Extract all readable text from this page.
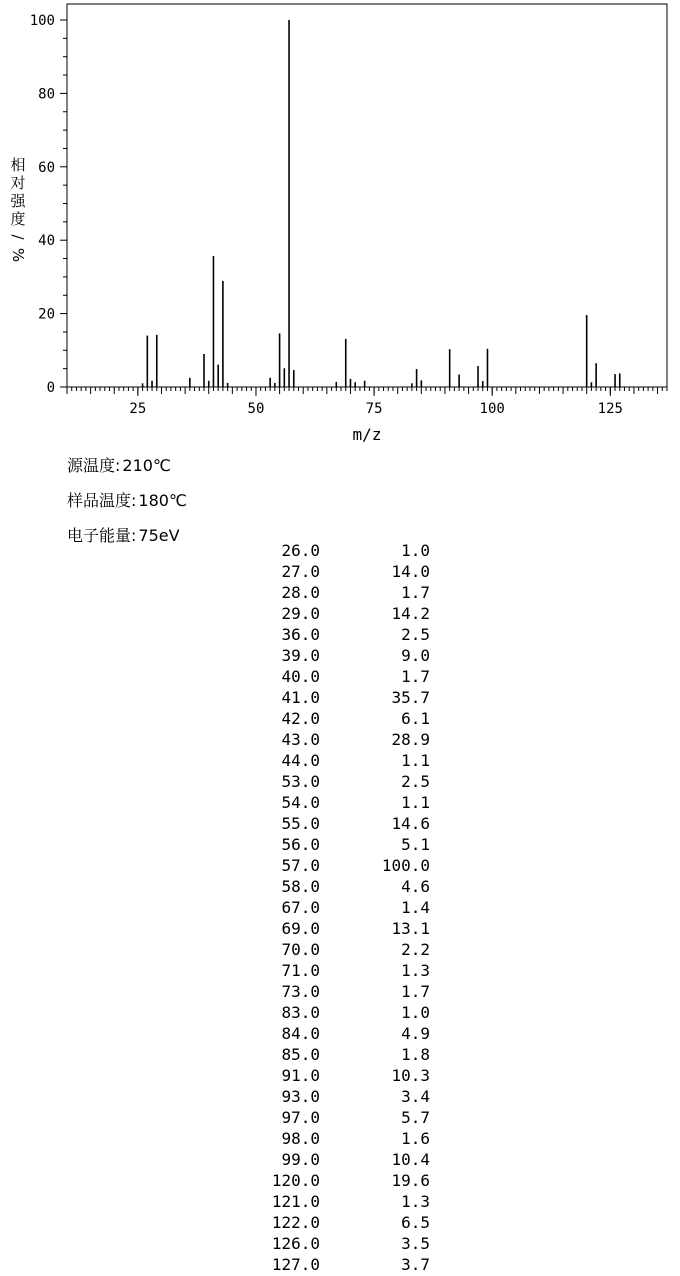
25	50	75	100	125
0
20
40
60
80
100
m/z
相
对
强
度
/
%
源温度: 210℃
样品温度: 180℃
电子能量: 75eV
26.0	1.0
27.0	14.0
28.0	1.7
29.0	14.2
36.0	2.5
39.0	9.0
40.0	1.7
41.0	35.7
42.0	6.1
43.0	28.9
44.0	1.1
53.0	2.5
54.0	1.1
55.0	14.6
56.0	5.1
57.0	100.0
58.0	4.6
67.0	1.4
69.0	13.1
70.0	2.2
71.0	1.3
73.0	1.7
83.0	1.0
84.0	4.9
85.0	1.8
91.0	10.3
93.0	3.4
97.0	5.7
98.0	1.6
99.0	10.4
120.0	19.6
121.0	1.3
122.0	6.5
126.0	3.5
127.0	3.7
